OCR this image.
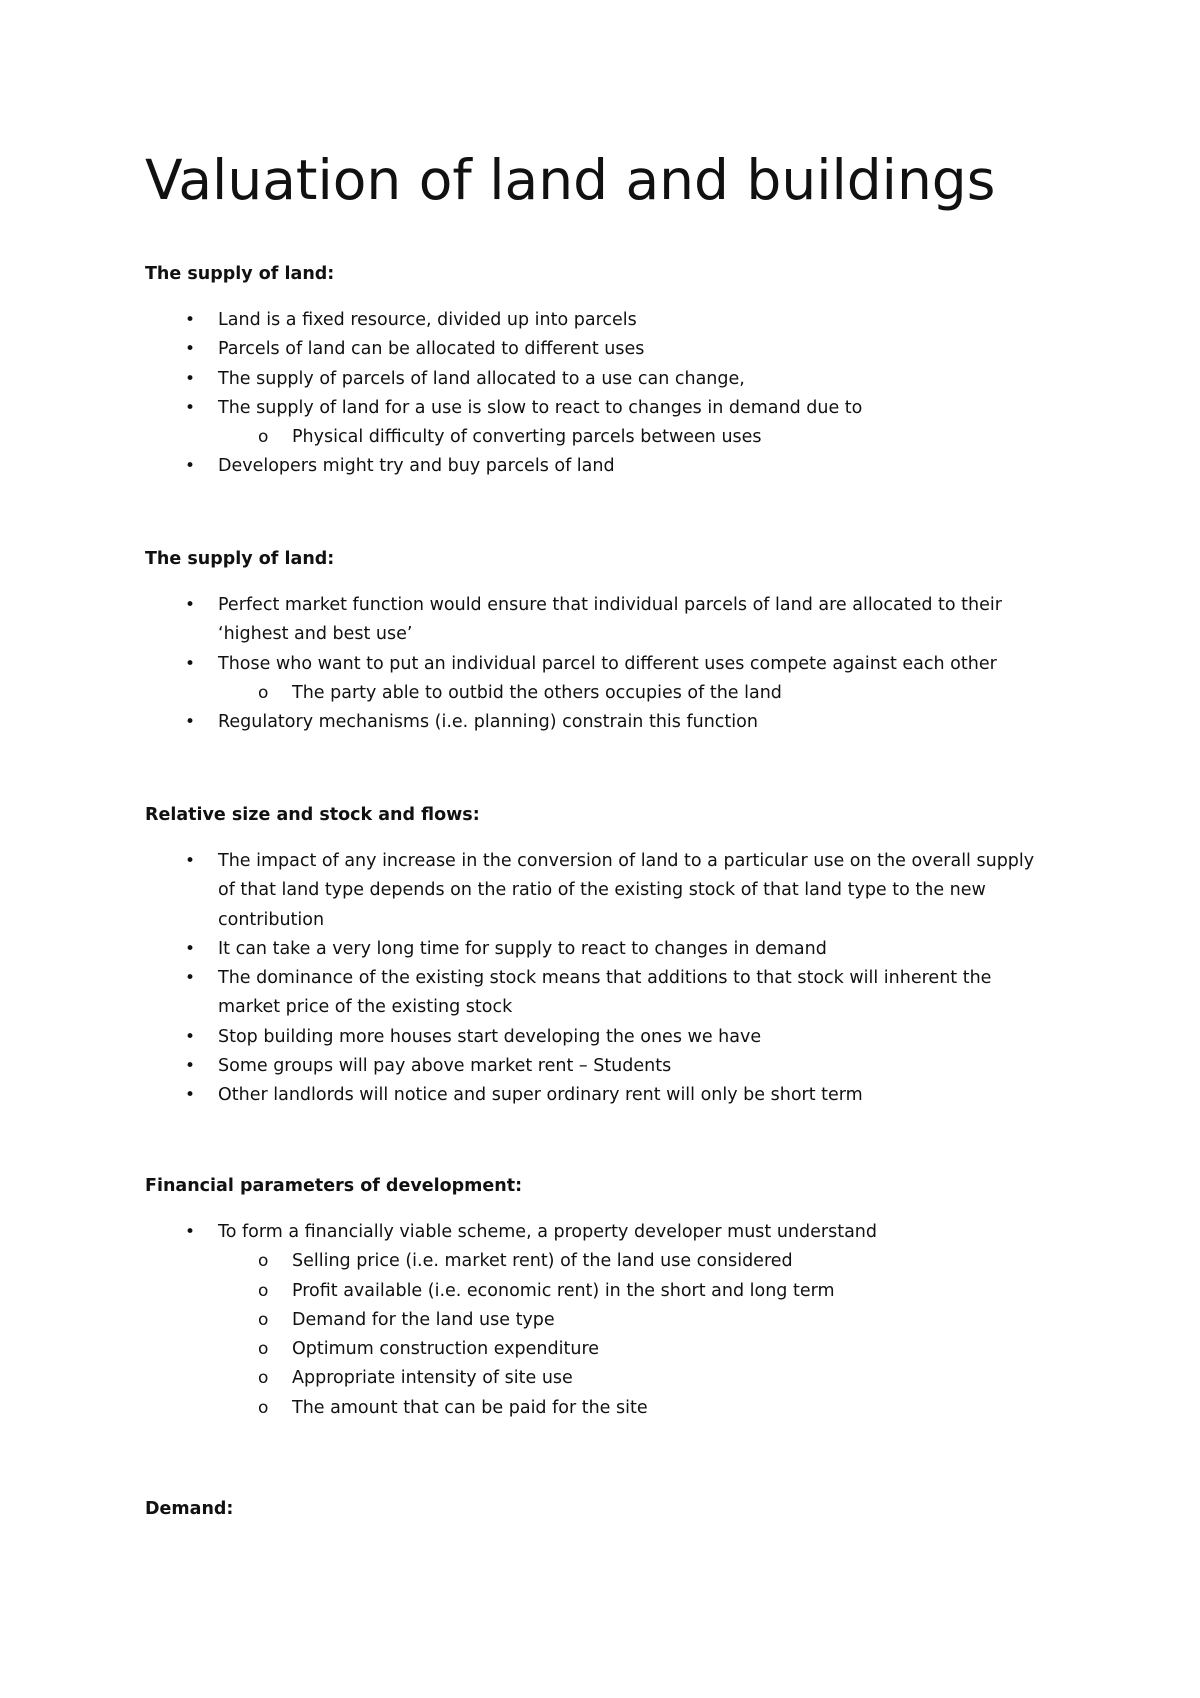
Valuation of land and buildings
The supply of land:
•	Land is a fixed resource, divided up into parcels
•	Parcels of land can be allocated to different uses
•	The supply of parcels of land allocated to a use can change,
•	The supply of land for a use is slow to react to changes in demand due to
o	Physical difficulty of converting parcels between uses
•	Developers might try and buy parcels of land
The supply of land:
•	Perfect market function would ensure that individual parcels of land are allocated to their ‘highest and best use’
•	Those who want to put an individual parcel to different uses compete against each other
o	The party able to outbid the others occupies of the land
•	Regulatory mechanisms (i.e. planning) constrain this function
Relative size and stock and flows:
•	The impact of any increase in the conversion of land to a particular use on the overall supply of that land type depends on the ratio of the existing stock of that land type to the new contribution
•	It can take a very long time for supply to react to changes in demand
•	The dominance of the existing stock means that additions to that stock will inherent the market price of the existing stock
•	Stop building more houses start developing the ones we have
•	Some groups will pay above market rent – Students
•	Other landlords will notice and super ordinary rent will only be short term
Financial parameters of development:
•	To form a financially viable scheme, a property developer must understand
o	Selling price (i.e. market rent) of the land use considered
o	Profit available (i.e. economic rent) in the short and long term
o	Demand for the land use type
o	Optimum construction expenditure
o	Appropriate intensity of site use
o	The amount that can be paid for the site
Demand:
